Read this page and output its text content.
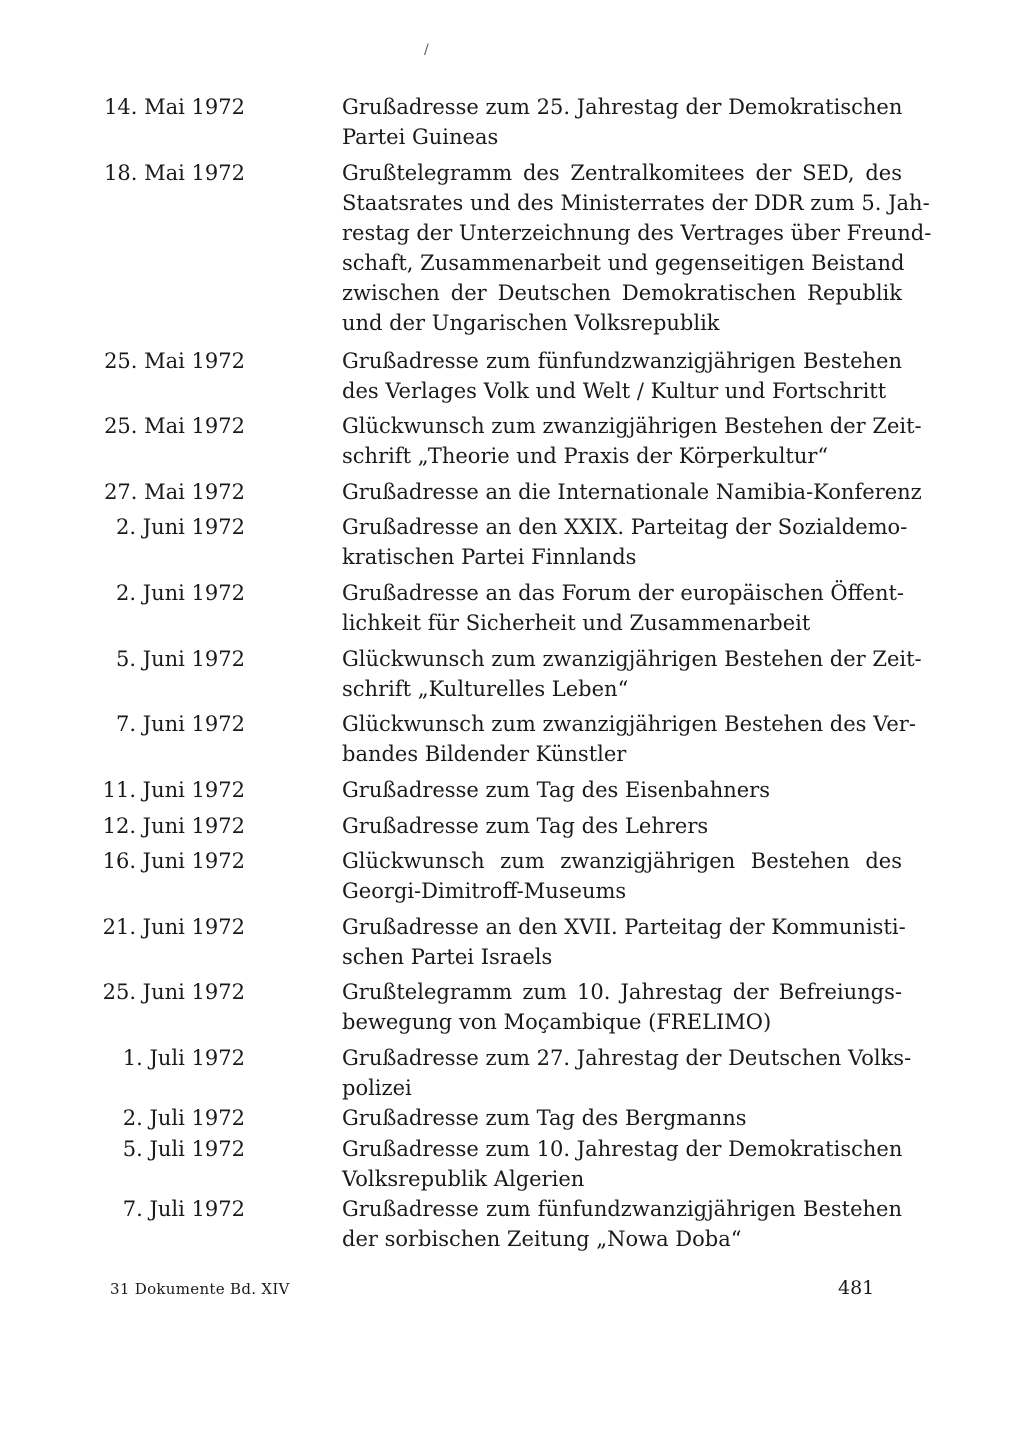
/
14. Mai 1972	Grußadresse zum 25. Jahrestag der Demokratischen
Partei Guineas
18. Mai 1972	Grußtelegramm des Zentralkomitees der SED, des
Staatsrates und des Ministerrates der DDR zum 5. Jah-
restag der Unterzeichnung des Vertrages über Freund-
schaft, Zusammenarbeit und gegenseitigen Beistand
zwischen der Deutschen Demokratischen Republik
und der Ungarischen Volksrepublik
25. Mai 1972	Grußadresse zum fünfundzwanzigjährigen Bestehen
des Verlages Volk und Welt / Kultur und Fortschritt
25. Mai 1972	Glückwunsch zum zwanzigjährigen Bestehen der Zeit-
schrift „Theorie und Praxis der Körperkultur“
27. Mai 1972	Grußadresse an die Internationale Namibia-Konferenz
2. Juni 1972	Grußadresse an den XXIX. Parteitag der Sozialdemo-
kratischen Partei Finnlands
2. Juni 1972	Grußadresse an das Forum der europäischen Öffent-
lichkeit für Sicherheit und Zusammenarbeit
5. Juni 1972	Glückwunsch zum zwanzigjährigen Bestehen der Zeit-
schrift „Kulturelles Leben“
7. Juni 1972	Glückwunsch zum zwanzigjährigen Bestehen des Ver-
bandes Bildender Künstler
11. Juni 1972	Grußadresse zum Tag des Eisenbahners
12. Juni 1972	Grußadresse zum Tag des Lehrers
16. Juni 1972	Glückwunsch zum zwanzigjährigen Bestehen des
Georgi-Dimitroff-Museums
21. Juni 1972	Grußadresse an den XVII. Parteitag der Kommunisti-
schen Partei Israels
25. Juni 1972	Grußtelegramm zum 10. Jahrestag der Befreiungs-
bewegung von Moçambique (FRELIMO)
1. Juli 1972	Grußadresse zum 27. Jahrestag der Deutschen Volks-
polizei
2. Juli 1972	Grußadresse zum Tag des Bergmanns
5. Juli 1972	Grußadresse zum 10. Jahrestag der Demokratischen
Volksrepublik Algerien
7. Juli 1972	Grußadresse zum fünfundzwanzigjährigen Bestehen
der sorbischen Zeitung „Nowa Doba“
31 Dokumente Bd. XIV	481
